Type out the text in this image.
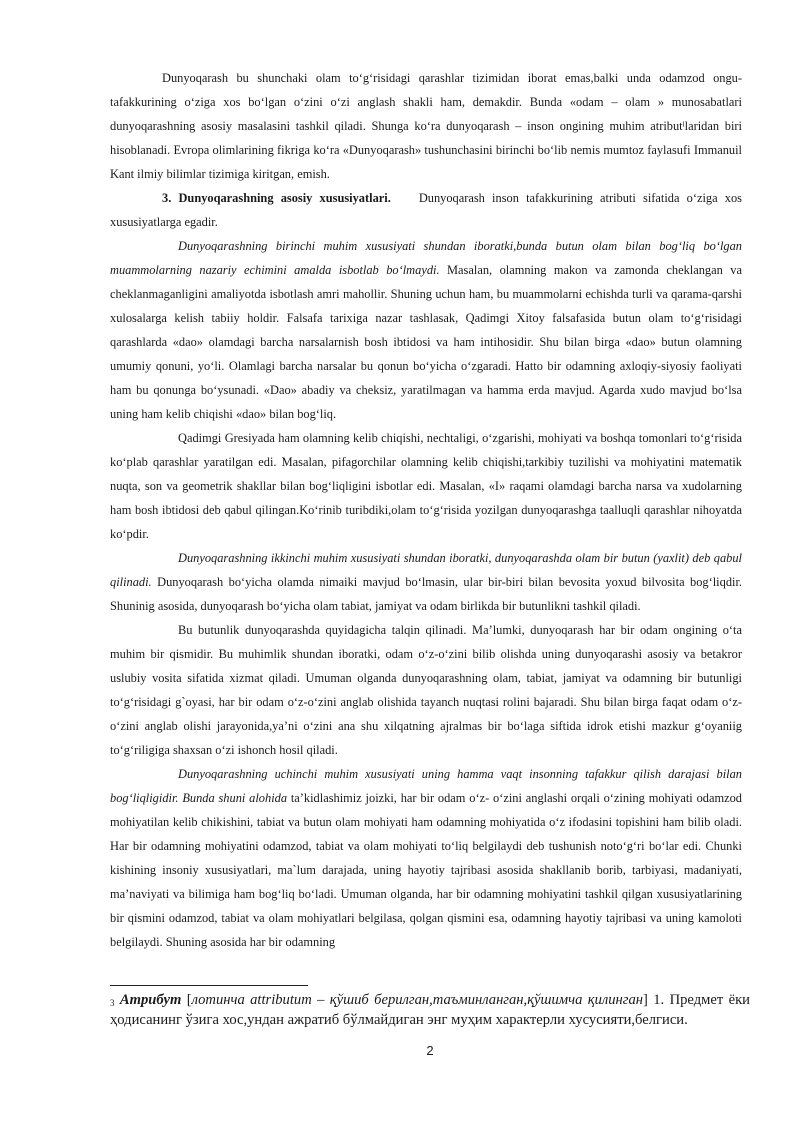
Dunyoqarash bu shunchaki olam to‘g‘risidagi qarashlar tizimidan iborat emas,balki unda odamzod ongu-tafakkurining o‘ziga xos bo‘lgan o‘zini o‘zi anglash shakli ham, demakdir. Bunda «odam – olam » munosabatlari dunyoqarashning asosiy masalasini tashkil qiladi. Shunga ko‘ra dunyoqarash – inson ongining muhim atributˡlaridan biri hisoblanadi. Evropa olimlarining fikriga ko‘ra «Dunyoqarash» tushunchasini birinchi bo‘lib nemis mumtoz faylasufi Immanuil Kant ilmiy bilimlar tizimiga kiritgan, emish.

3. Dunyoqarashning asosiy xususiyatlari. Dunyoqarash inson tafakkurining atributi sifatida o‘ziga xos xususiyatlarga egadir.

Dunyoqarashning birinchi muhim xususiyati shundan iboratki,bunda butun olam bilan bog‘liq bo‘lgan muammolarning nazariy echimini amalda isbotlab bo‘lmaydi. Masalan, olamning makon va zamonda cheklangan va cheklanmaganligini amaliyotda isbotlash amri mahollir. Shuning uchun ham, bu muammolarni echishda turli va qarama-qarshi xulosalarga kelish tabiiy holdir. Falsafa tarixiga nazar tashlasak, Qadimgi Xitoy falsafasida butun olam to‘g‘risidagi qarashlarda «dao» olamdagi barcha narsalarnish bosh ibtidosi va ham intihosidir. Shu bilan birga «dao» butun olamning umumiy qonuni, yo‘li. Olamlagi barcha narsalar bu qonun bo‘yicha o‘zgaradi. Hatto bir odamning axloqiy-siyosiy faoliyati ham bu qonunga bo‘ysunadi. «Dao» abadiy va cheksiz, yaratilmagan va hamma erda mavjud. Agarda xudo mavjud bo‘lsa uning ham kelib chiqishi «dao» bilan bog‘liq.

Qadimgi Gresiyada ham olamning kelib chiqishi, nechtaligi, o‘zgarishi, mohiyati va boshqa tomonlari to‘g‘risida ko‘plab qarashlar yaratilgan edi. Masalan, pifagorchilar olamning kelib chiqishi,tarkibiy tuzilishi va mohiyatini matematik nuqta, son va geometrik shakllar bilan bog‘liqligini isbotlar edi. Masalan, «I» raqami olamdagi barcha narsa va xudolarning ham bosh ibtidosi deb qabul qilingan.Ko‘rinib turibdiki,olam to‘g‘risida yozilgan dunyoqarashga taalluqli qarashlar nihoyatda ko‘pdir.

Dunyoqarashning ikkinchi muhim xususiyati shundan iboratki, dunyoqarashda olam bir butun (yaxlit) deb qabul qilinadi. Dunyoqarash bo‘yicha olamda nimaiki mavjud bo‘lmasin, ular bir-biri bilan bevosita yoxud bilvosita bog‘liqdir. Shuninig asosida, dunyoqarash bo‘yicha olam tabiat, jamiyat va odam birlikda bir butunlikni tashkil qiladi.

Bu butunlik dunyoqarashda quyidagicha talqin qilinadi. Ma’lumki, dunyoqarash har bir odam ongining o‘ta muhim bir qismidir. Bu muhimlik shundan iboratki, odam o‘z-o‘zini bilib olishda uning dunyoqarashi asosiy va betakror uslubiy vosita sifatida xizmat qiladi. Umuman olganda dunyoqarashning olam, tabiat, jamiyat va odamning bir butunligi to‘g‘risidagi g`oyasi, har bir odam o‘z-o‘zini anglab olishida tayanch nuqtasi rolini bajaradi. Shu bilan birga faqat odam o‘z-o‘zini anglab olishi jarayonida,ya’ni o‘zini ana shu xilqatning ajralmas bir bo‘laga siftida idrok etishi mazkur g‘oyaniig to‘g‘riligiga shaxsan o‘zi ishonch hosil qiladi.

Dunyoqarashning uchinchi muhim xususiyati uning hamma vaqt insonning tafakkur qilish darajasi bilan bog‘liqligidir. Bunda shuni alohida ta’kidlashimiz joizki, har bir odam o‘z- o‘zini anglashi orqali o‘zining mohiyati odamzod mohiyatilan kelib chikishini, tabiat va butun olam mohiyati ham odamning mohiyatida o‘z ifodasini topishini ham bilib oladi. Har bir odamning mohiyatini odamzod, tabiat va olam mohiyati to‘liq belgilaydi deb tushunish noto‘g‘ri bo‘lar edi. Chunki kishining insoniy xususiyatlari, ma`lum darajada, uning hayotiy tajribasi asosida shakllanib borib, tarbiyasi, madaniyati, ma’naviyati va bilimiga ham bog‘liq bo‘ladi. Umuman olganda, har bir odamning mohiyatini tashkil qilgan xususiyatlarining bir qismini odamzod, tabiat va olam mohiyatlari belgilasa, qolgan qismini esa, odamning hayotiy tajribasi va uning kamoloti belgilaydi. Shuning asosida har bir odamning

$^3$ Атрибут [лотинча attributum – қўшиб берилган,таъминланган,қўшимча қилинган] 1. Предмет ёки ҳодисанинг ўзига хос,ундан ажратиб бўлмайдиган энг муҳим характерли хусусияти,белгиси.

2
